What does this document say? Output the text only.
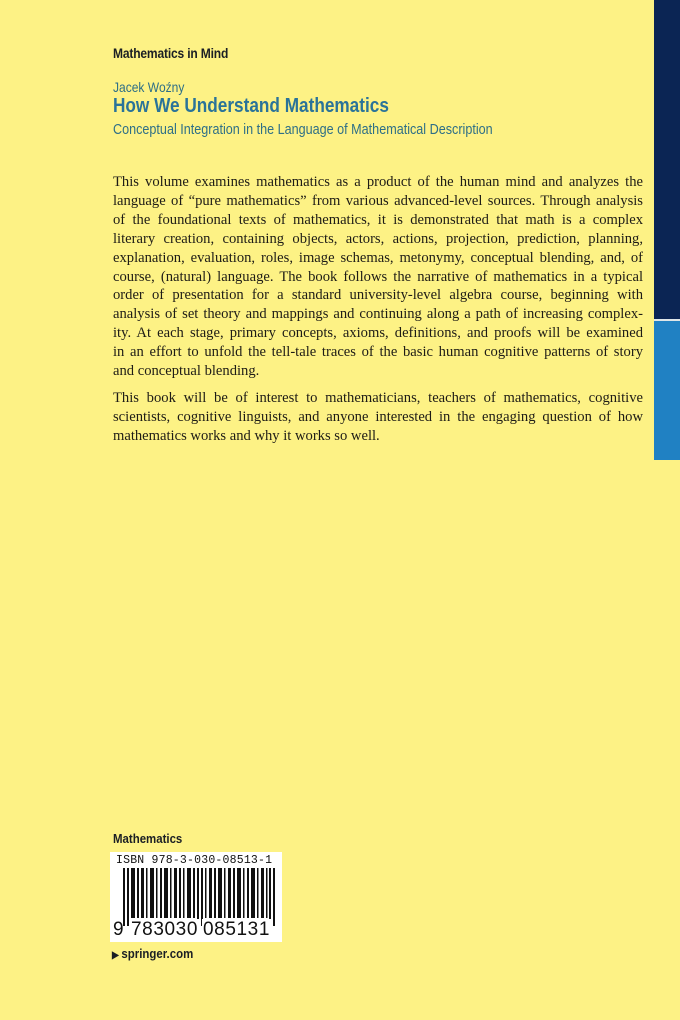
Mathematics in Mind
Jacek Woźny
How We Understand Mathematics
Conceptual Integration in the Language of Mathematical Description

This volume examines mathematics as a product of the human mind and analyzes the
language of “pure mathematics” from various advanced-level sources. Through analysis
of the foundational texts of mathematics, it is demonstrated that math is a complex
literary creation, containing objects, actors, actions, projection, prediction, planning,
explanation, evaluation, roles, image schemas, metonymy, conceptual blending, and, of
course, (natural) language. The book follows the narrative of mathematics in a typical
order of presentation for a standard university-level algebra course, beginning with
analysis of set theory and mappings and continuing along a path of increasing complex-
ity. At each stage, primary concepts, axioms, definitions, and proofs will be examined
in an effort to unfold the tell-tale traces of the basic human cognitive patterns of story
and conceptual blending.

This book will be of interest to mathematicians, teachers of mathematics, cognitive
scientists, cognitive linguists, and anyone interested in the engaging question of how
mathematics works and why it works so well.

Mathematics
ISBN 978-3-030-08513-1
9 783030 085131
▶ springer.com
